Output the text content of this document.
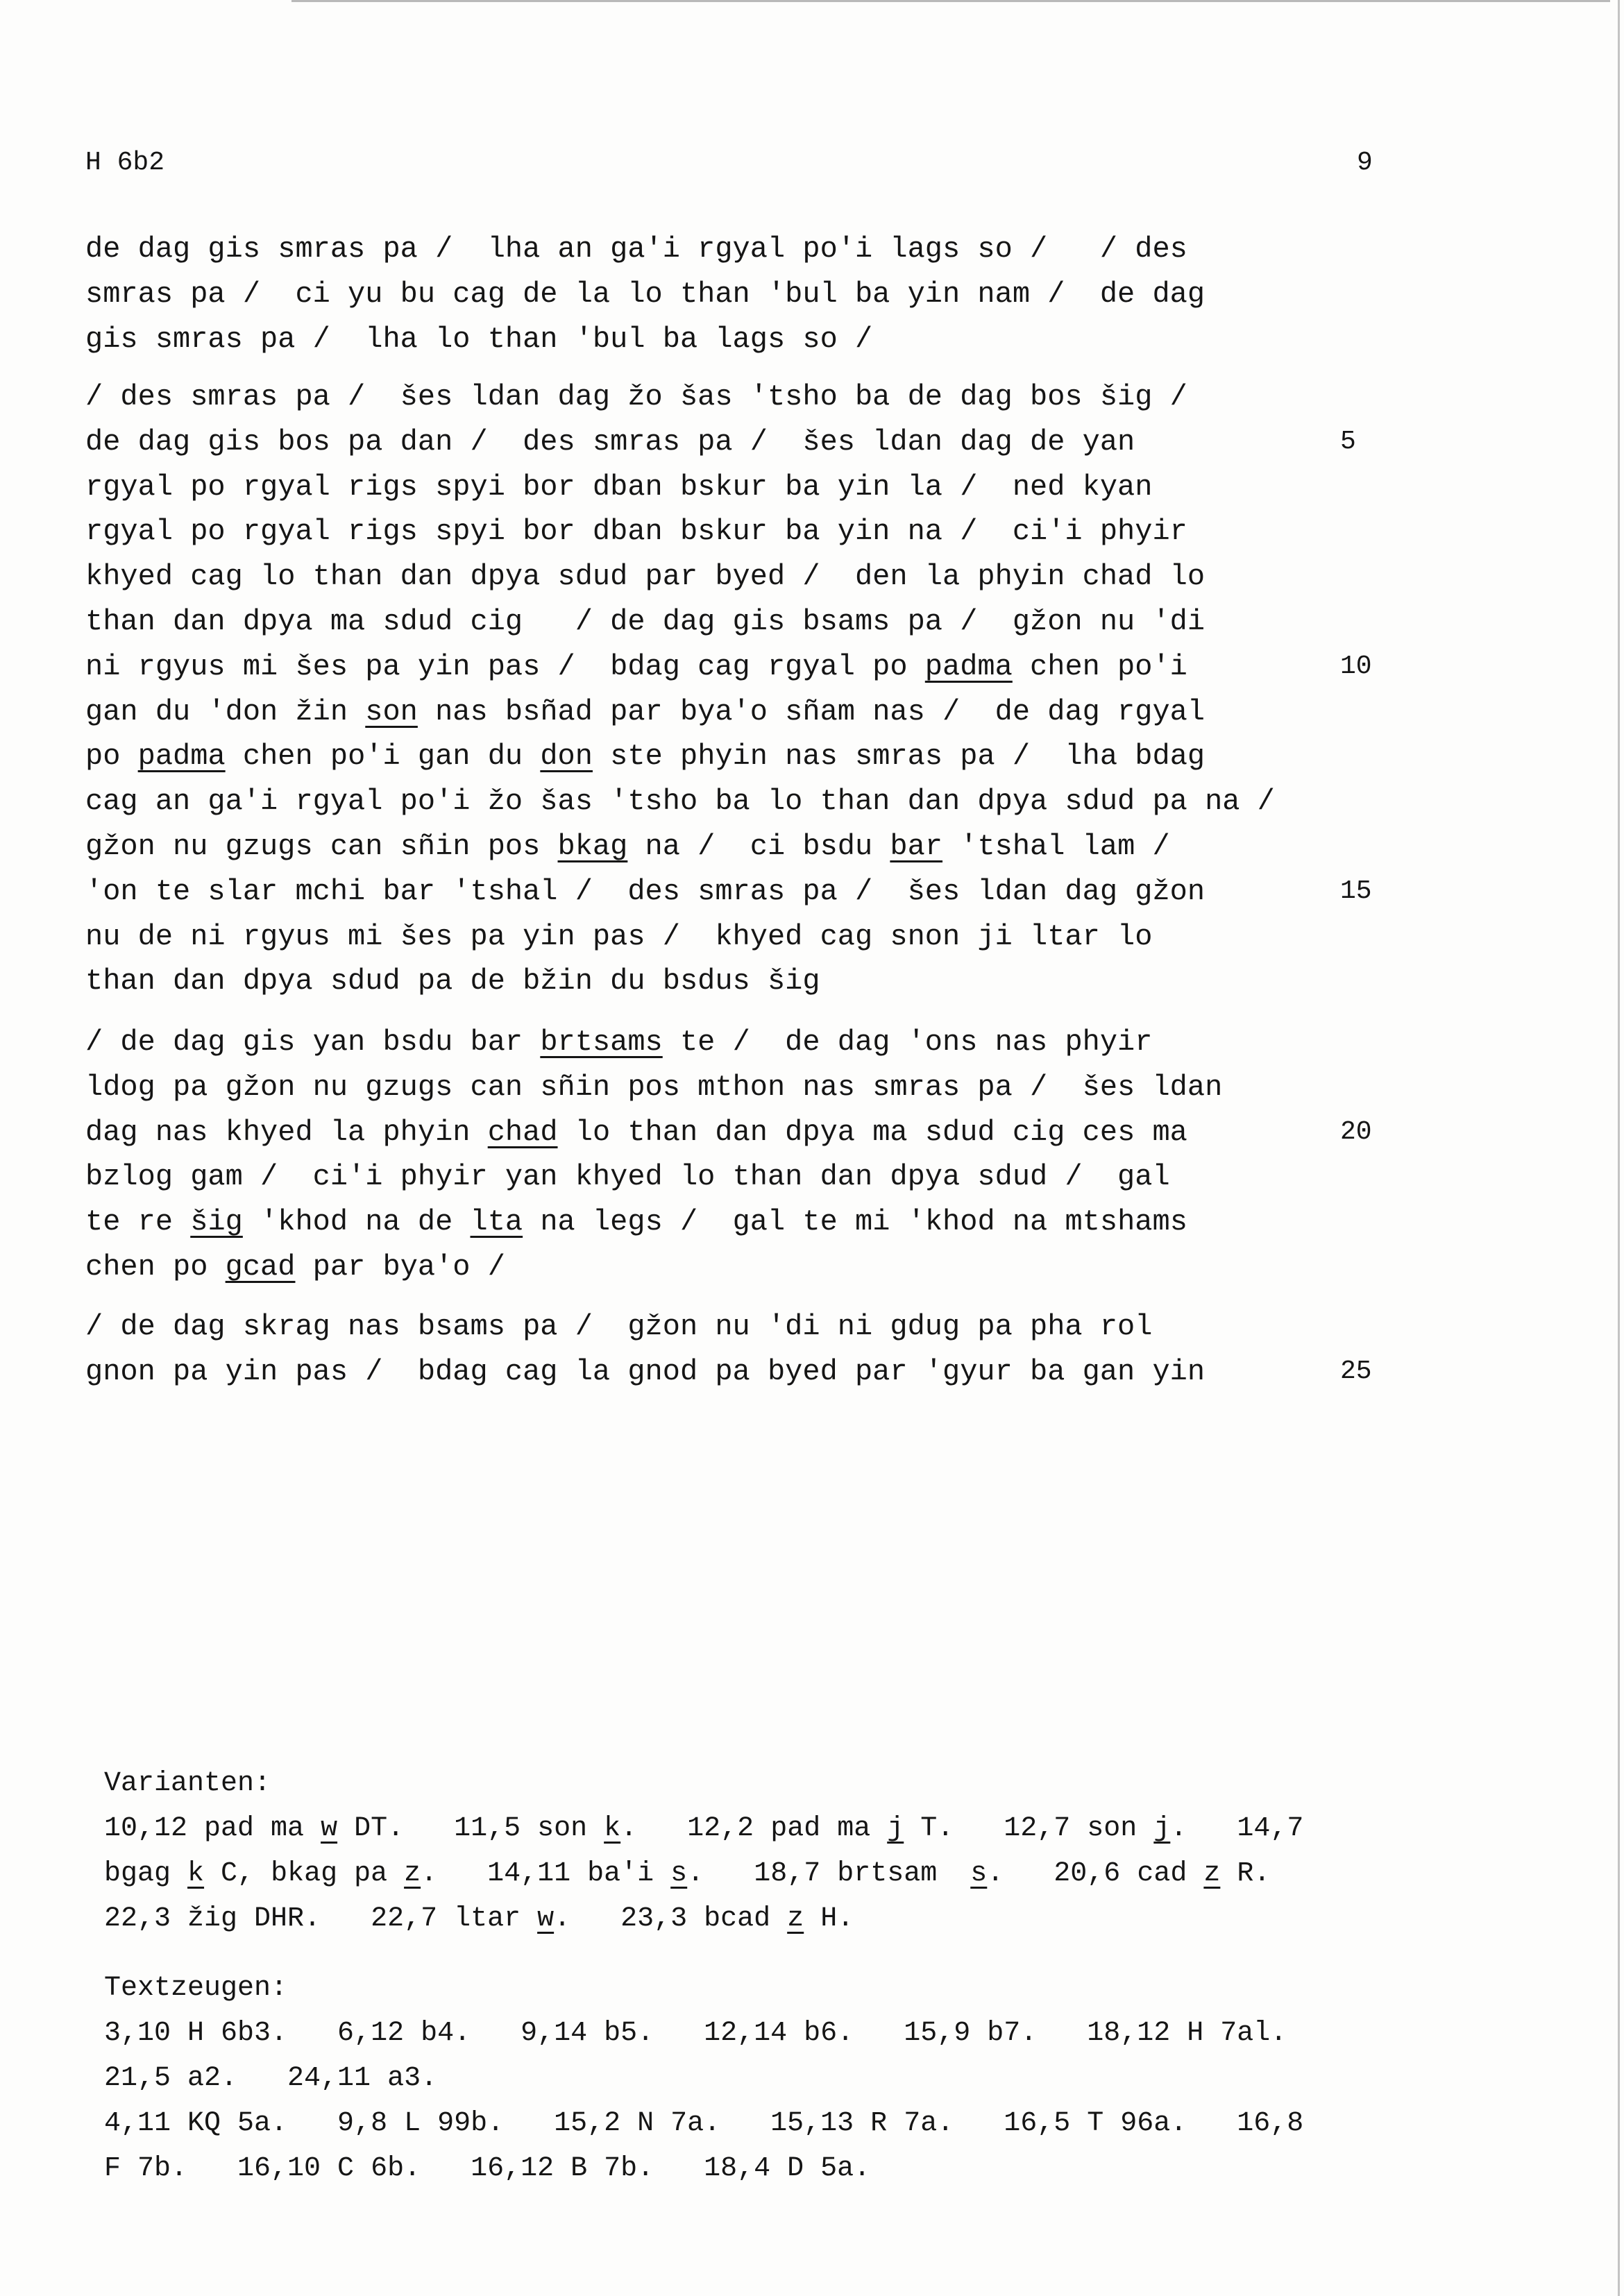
H 6b2	9
de dag gis smras pa /  lha an ga'i rgyal po'i lags so /   / des
smras pa /  ci yu bu cag de la lo than 'bul ba yin nam /  de dag
gis smras pa /  lha lo than 'bul ba lags so /
/ des smras pa /  šes ldan dag žo šas 'tsho ba de dag bos šig /
de dag gis bos pa dan /  des smras pa /  šes ldan dag de yan	5
rgyal po rgyal rigs spyi bor dban bskur ba yin la /  ned kyan
rgyal po rgyal rigs spyi bor dban bskur ba yin na /  ci'i phyir
khyed cag lo than dan dpya sdud par byed /  den la phyin chad lo
than dan dpya ma sdud cig   / de dag gis bsams pa /  gžon nu 'di
ni rgyus mi šes pa yin pas /  bdag cag rgyal po padma chen po'i	10
gan du 'don žin son nas bsñad par bya'o sñam nas /  de dag rgyal
po padma chen po'i gan du don ste phyin nas smras pa /  lha bdag
cag an ga'i rgyal po'i žo šas 'tsho ba lo than dan dpya sdud pa na /
gžon nu gzugs can sñin pos bkag na /  ci bsdu bar 'tshal lam /
'on te slar mchi bar 'tshal /  des smras pa /  šes ldan dag gžon	15
nu de ni rgyus mi šes pa yin pas /  khyed cag snon ji ltar lo
than dan dpya sdud pa de bžin du bsdus šig
/ de dag gis yan bsdu bar brtsams te /  de dag 'ons nas phyir
ldog pa gžon nu gzugs can sñin pos mthon nas smras pa /  šes ldan
dag nas khyed la phyin chad lo than dan dpya ma sdud cig ces ma	20
bzlog gam /  ci'i phyir yan khyed lo than dan dpya sdud /  gal
te re šig 'khod na de lta na legs /  gal te mi 'khod na mtshams
chen po gcad par bya'o /
/ de dag skrag nas bsams pa /  gžon nu 'di ni gdug pa pha rol
gnon pa yin pas /  bdag cag la gnod pa byed par 'gyur ba gan yin	25
Varianten:
10,12 pad ma w DT.   11,5 son k.   12,2 pad ma j T.   12,7 son j.   14,7
bgag k C, bkag pa z.   14,11 ba'i s.   18,7 brtsam  s.   20,6 cad z R.
22,3 žig DHR.   22,7 ltar w.   23,3 bcad z H.
Textzeugen:
3,10 H 6b3.   6,12 b4.   9,14 b5.   12,14 b6.   15,9 b7.   18,12 H 7al.
21,5 a2.   24,11 a3.
4,11 KQ 5a.   9,8 L 99b.   15,2 N 7a.   15,13 R 7a.   16,5 T 96a.   16,8
F 7b.   16,10 C 6b.   16,12 B 7b.   18,4 D 5a.
